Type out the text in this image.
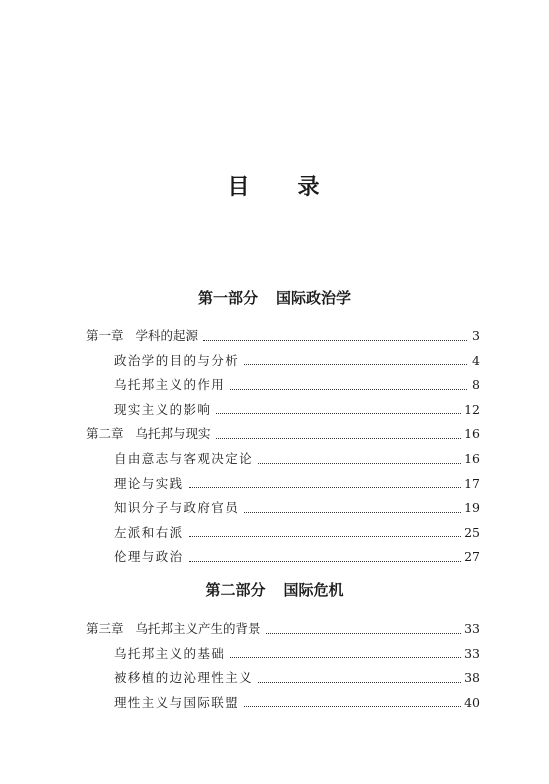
目 录
第一部分 国际政治学
第一章 学科的起源	3
政治学的目的与分析	4
乌托邦主义的作用	8
现实主义的影响	12
第二章 乌托邦与现实	16
自由意志与客观决定论	16
理论与实践	17
知识分子与政府官员	19
左派和右派	25
伦理与政治	27
第二部分 国际危机
第三章 乌托邦主义产生的背景	33
乌托邦主义的基础	33
被移植的边沁理性主义	38
理性主义与国际联盟	40
